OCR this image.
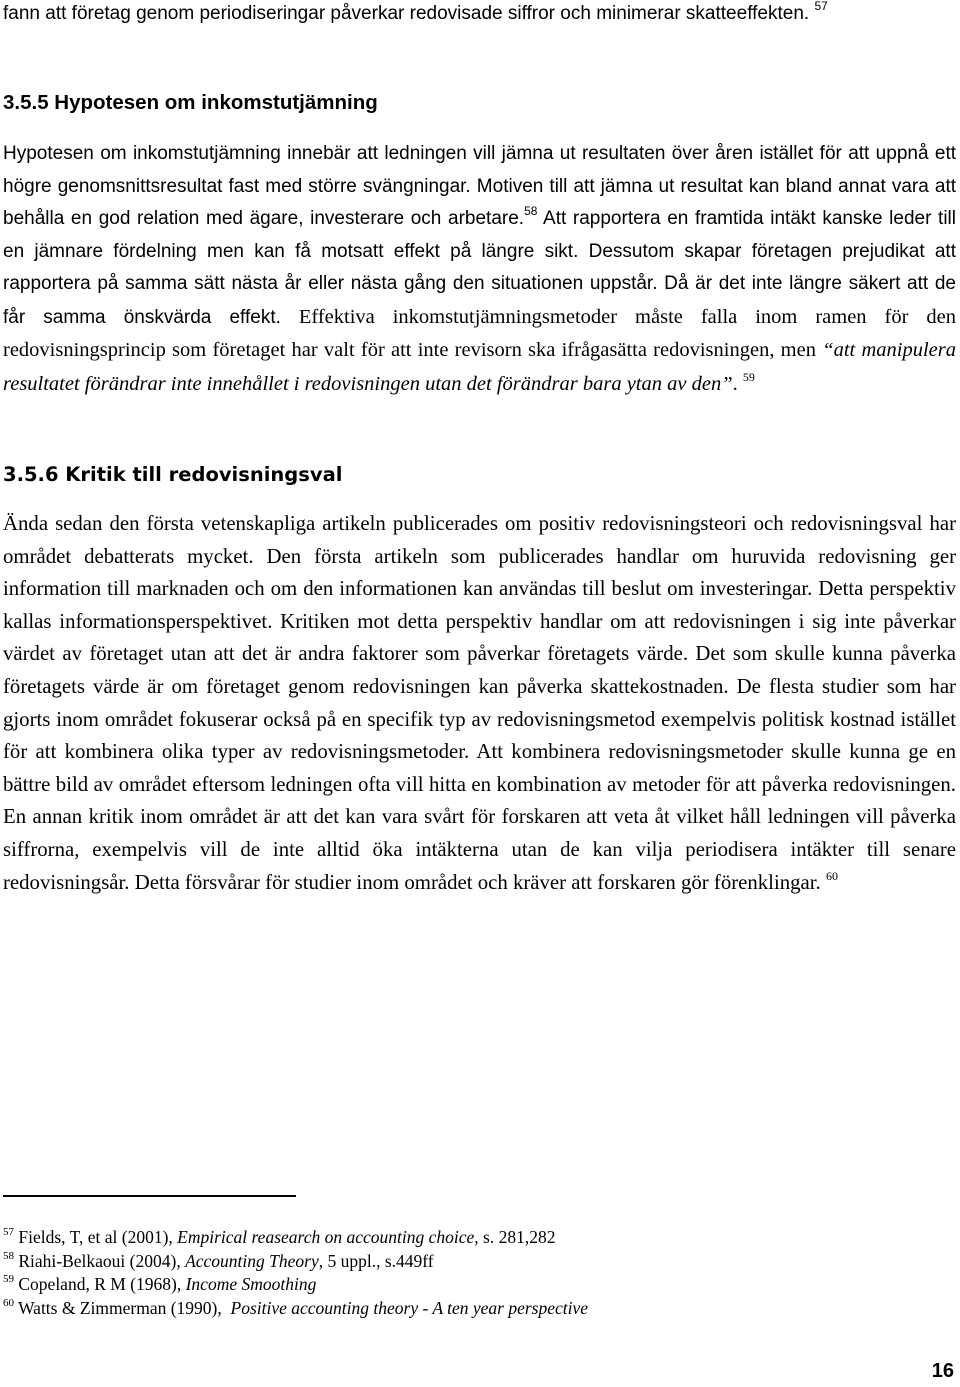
fann att företag genom periodiseringar påverkar redovisade siffror och minimerar skatteeffekten. $^{57}$

3.5.5 Hypotesen om inkomstutjämning

Hypotesen om inkomstutjämning innebär att ledningen vill jämna ut resultaten över åren istället för att uppnå ett högre genomsnittsresultat fast med större svängningar. Motiven till att jämna ut resultat kan bland annat vara att behålla en god relation med ägare, investerare och arbetare.$^{58}$ Att rapportera en framtida intäkt kanske leder till en jämnare fördelning men kan få motsatt effekt på längre sikt. Dessutom skapar företagen prejudikat att rapportera på samma sätt nästa år eller nästa gång den situationen uppstår. Då är det inte längre säkert att de får samma önskvärda effekt. Effektiva inkomstutjämningsmetoder måste falla inom ramen för den redovisningsprincip som företaget har valt för att inte revisorn ska ifrågasätta redovisningen, men “att manipulera resultatet förändrar inte innehållet i redovisningen utan det förändrar bara ytan av den”. $^{59}$

3.5.6 Kritik till redovisningsval

Ända sedan den första vetenskapliga artikeln publicerades om positiv redovisningsteori och redovisningsval har området debatterats mycket. Den första artikeln som publicerades handlar om huruvida redovisning ger information till marknaden och om den informationen kan användas till beslut om investeringar. Detta perspektiv kallas informationsperspektivet. Kritiken mot detta perspektiv handlar om att redovisningen i sig inte påverkar värdet av företaget utan att det är andra faktorer som påverkar företagets värde. Det som skulle kunna påverka företagets värde är om företaget genom redovisningen kan påverka skattekostnaden. De flesta studier som har gjorts inom området fokuserar också på en specifik typ av redovisningsmetod exempelvis politisk kostnad istället för att kombinera olika typer av redovisningsmetoder. Att kombinera redovisningsmetoder skulle kunna ge en bättre bild av området eftersom ledningen ofta vill hitta en kombination av metoder för att påverka redovisningen. En annan kritik inom området är att det kan vara svårt för forskaren att veta åt vilket håll ledningen vill påverka siffrorna, exempelvis vill de inte alltid öka intäkterna utan de kan vilja periodisera intäkter till senare redovisningsår. Detta försvårar för studier inom området och kräver att forskaren gör förenklingar. $^{60}$

$^{57}$ Fields, T, et al (2001), Empirical reasearch on accounting choice, s. 281,282
$^{58}$ Riahi-Belkaoui (2004), Accounting Theory, 5 uppl., s.449ff
$^{59}$ Copeland, R M (1968), Income Smoothing
$^{60}$ Watts & Zimmerman (1990),  Positive accounting theory - A ten year perspective
16
